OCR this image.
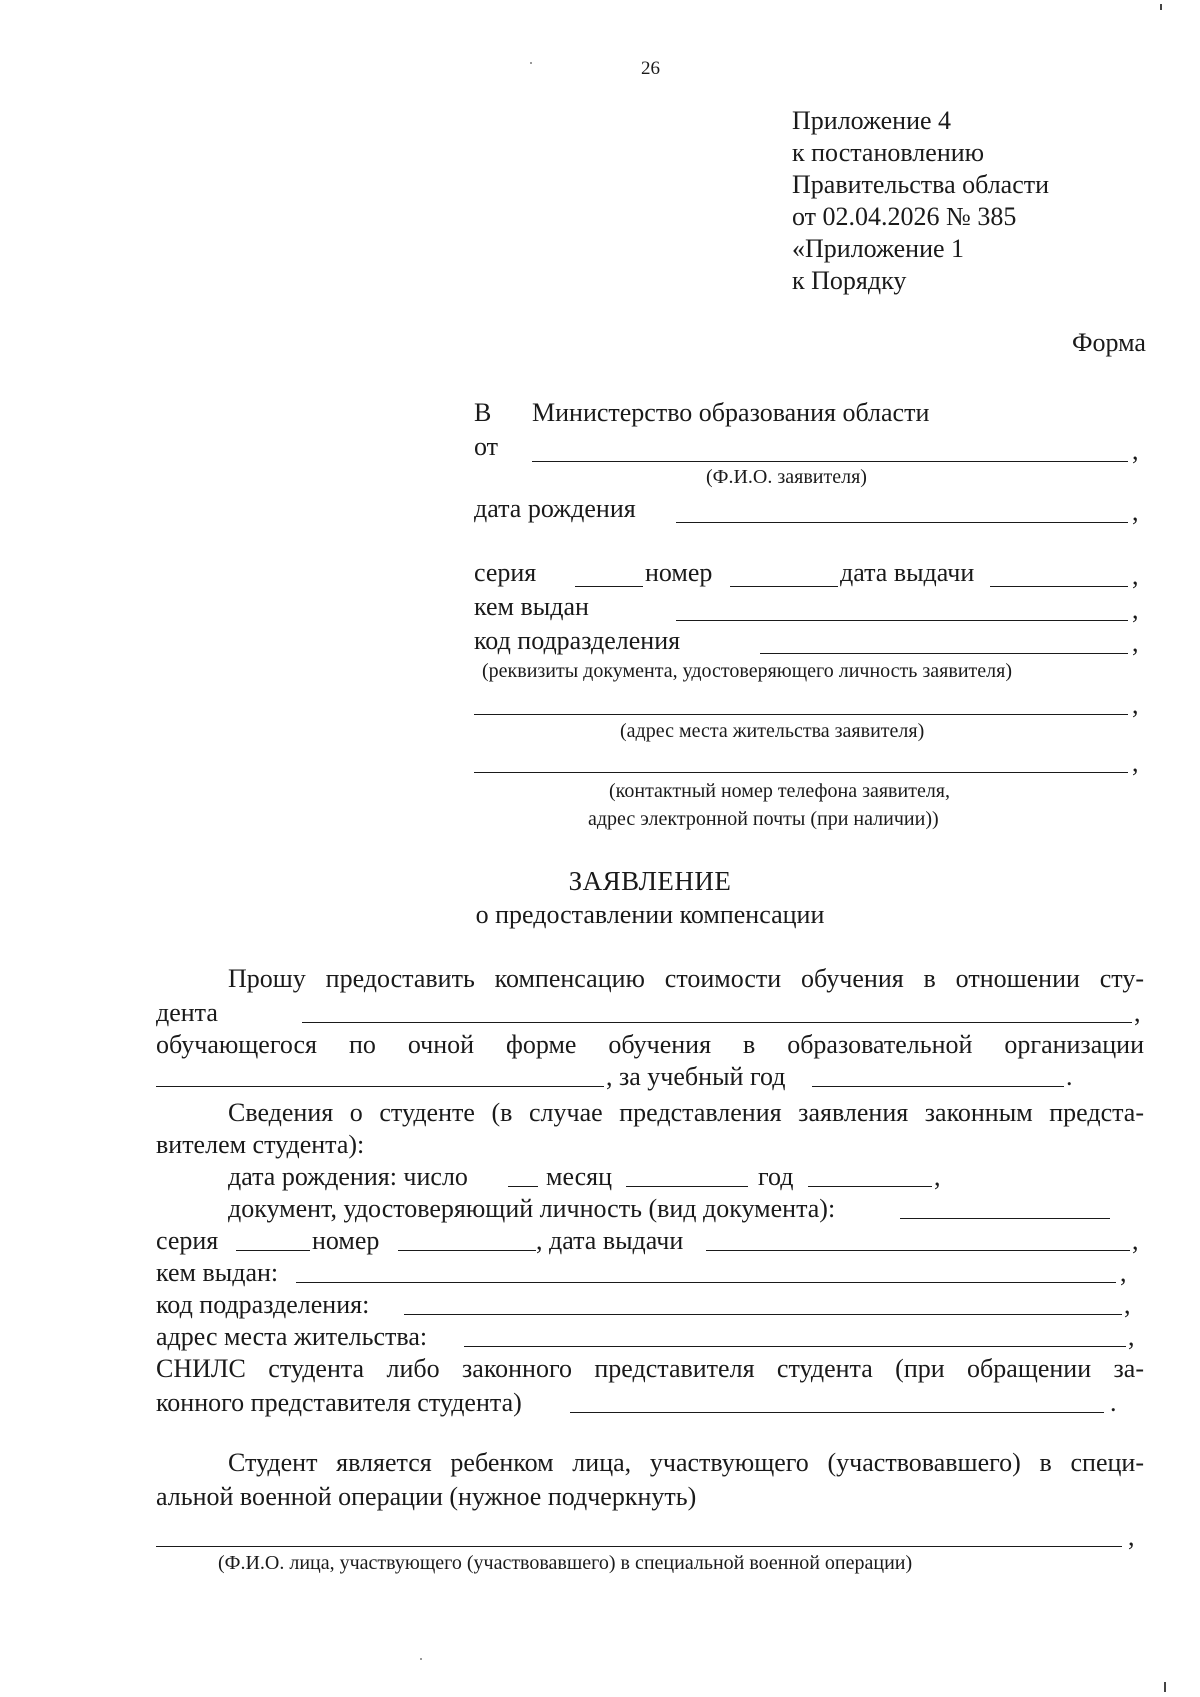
26
Приложение 4
к постановлению
Правительства области
от 02.04.2026 № 385
«Приложение 1
к Порядку
Форма
В Министерство образования области
от	,
(Ф.И.О. заявителя)
дата рождения	,
серия	номер	дата выдачи	,
кем выдан	,
код подразделения	,
(реквизиты документа, удостоверяющего личность заявителя)
,
(адрес места жительства заявителя)
,
(контактный номер телефона заявителя,
адрес электронной почты (при наличии))
ЗАЯВЛЕНИЕ
о предоставлении компенсации
Прошу предоставить компенсацию стоимости обучения в отношении сту-
дента	,
обучающегося по очной форме обучения в образовательной организации
, за учебный год	.
Сведения о студенте (в случае представления заявления законным предста-
вителем студента):
дата рождения: число	месяц	год	,
документ, удостоверяющий личность (вид документа):
серия	номер	, дата выдачи	,
кем выдан:	,
код подразделения:	,
адрес места жительства:	,
СНИЛС студента либо законного представителя студента (при обращении за-
конного представителя студента)	.
Студент является ребенком лица, участвующего (участвовавшего) в специ-
альной военной операции (нужное подчеркнуть)
,
(Ф.И.О. лица, участвующего (участвовавшего) в специальной военной операции)
